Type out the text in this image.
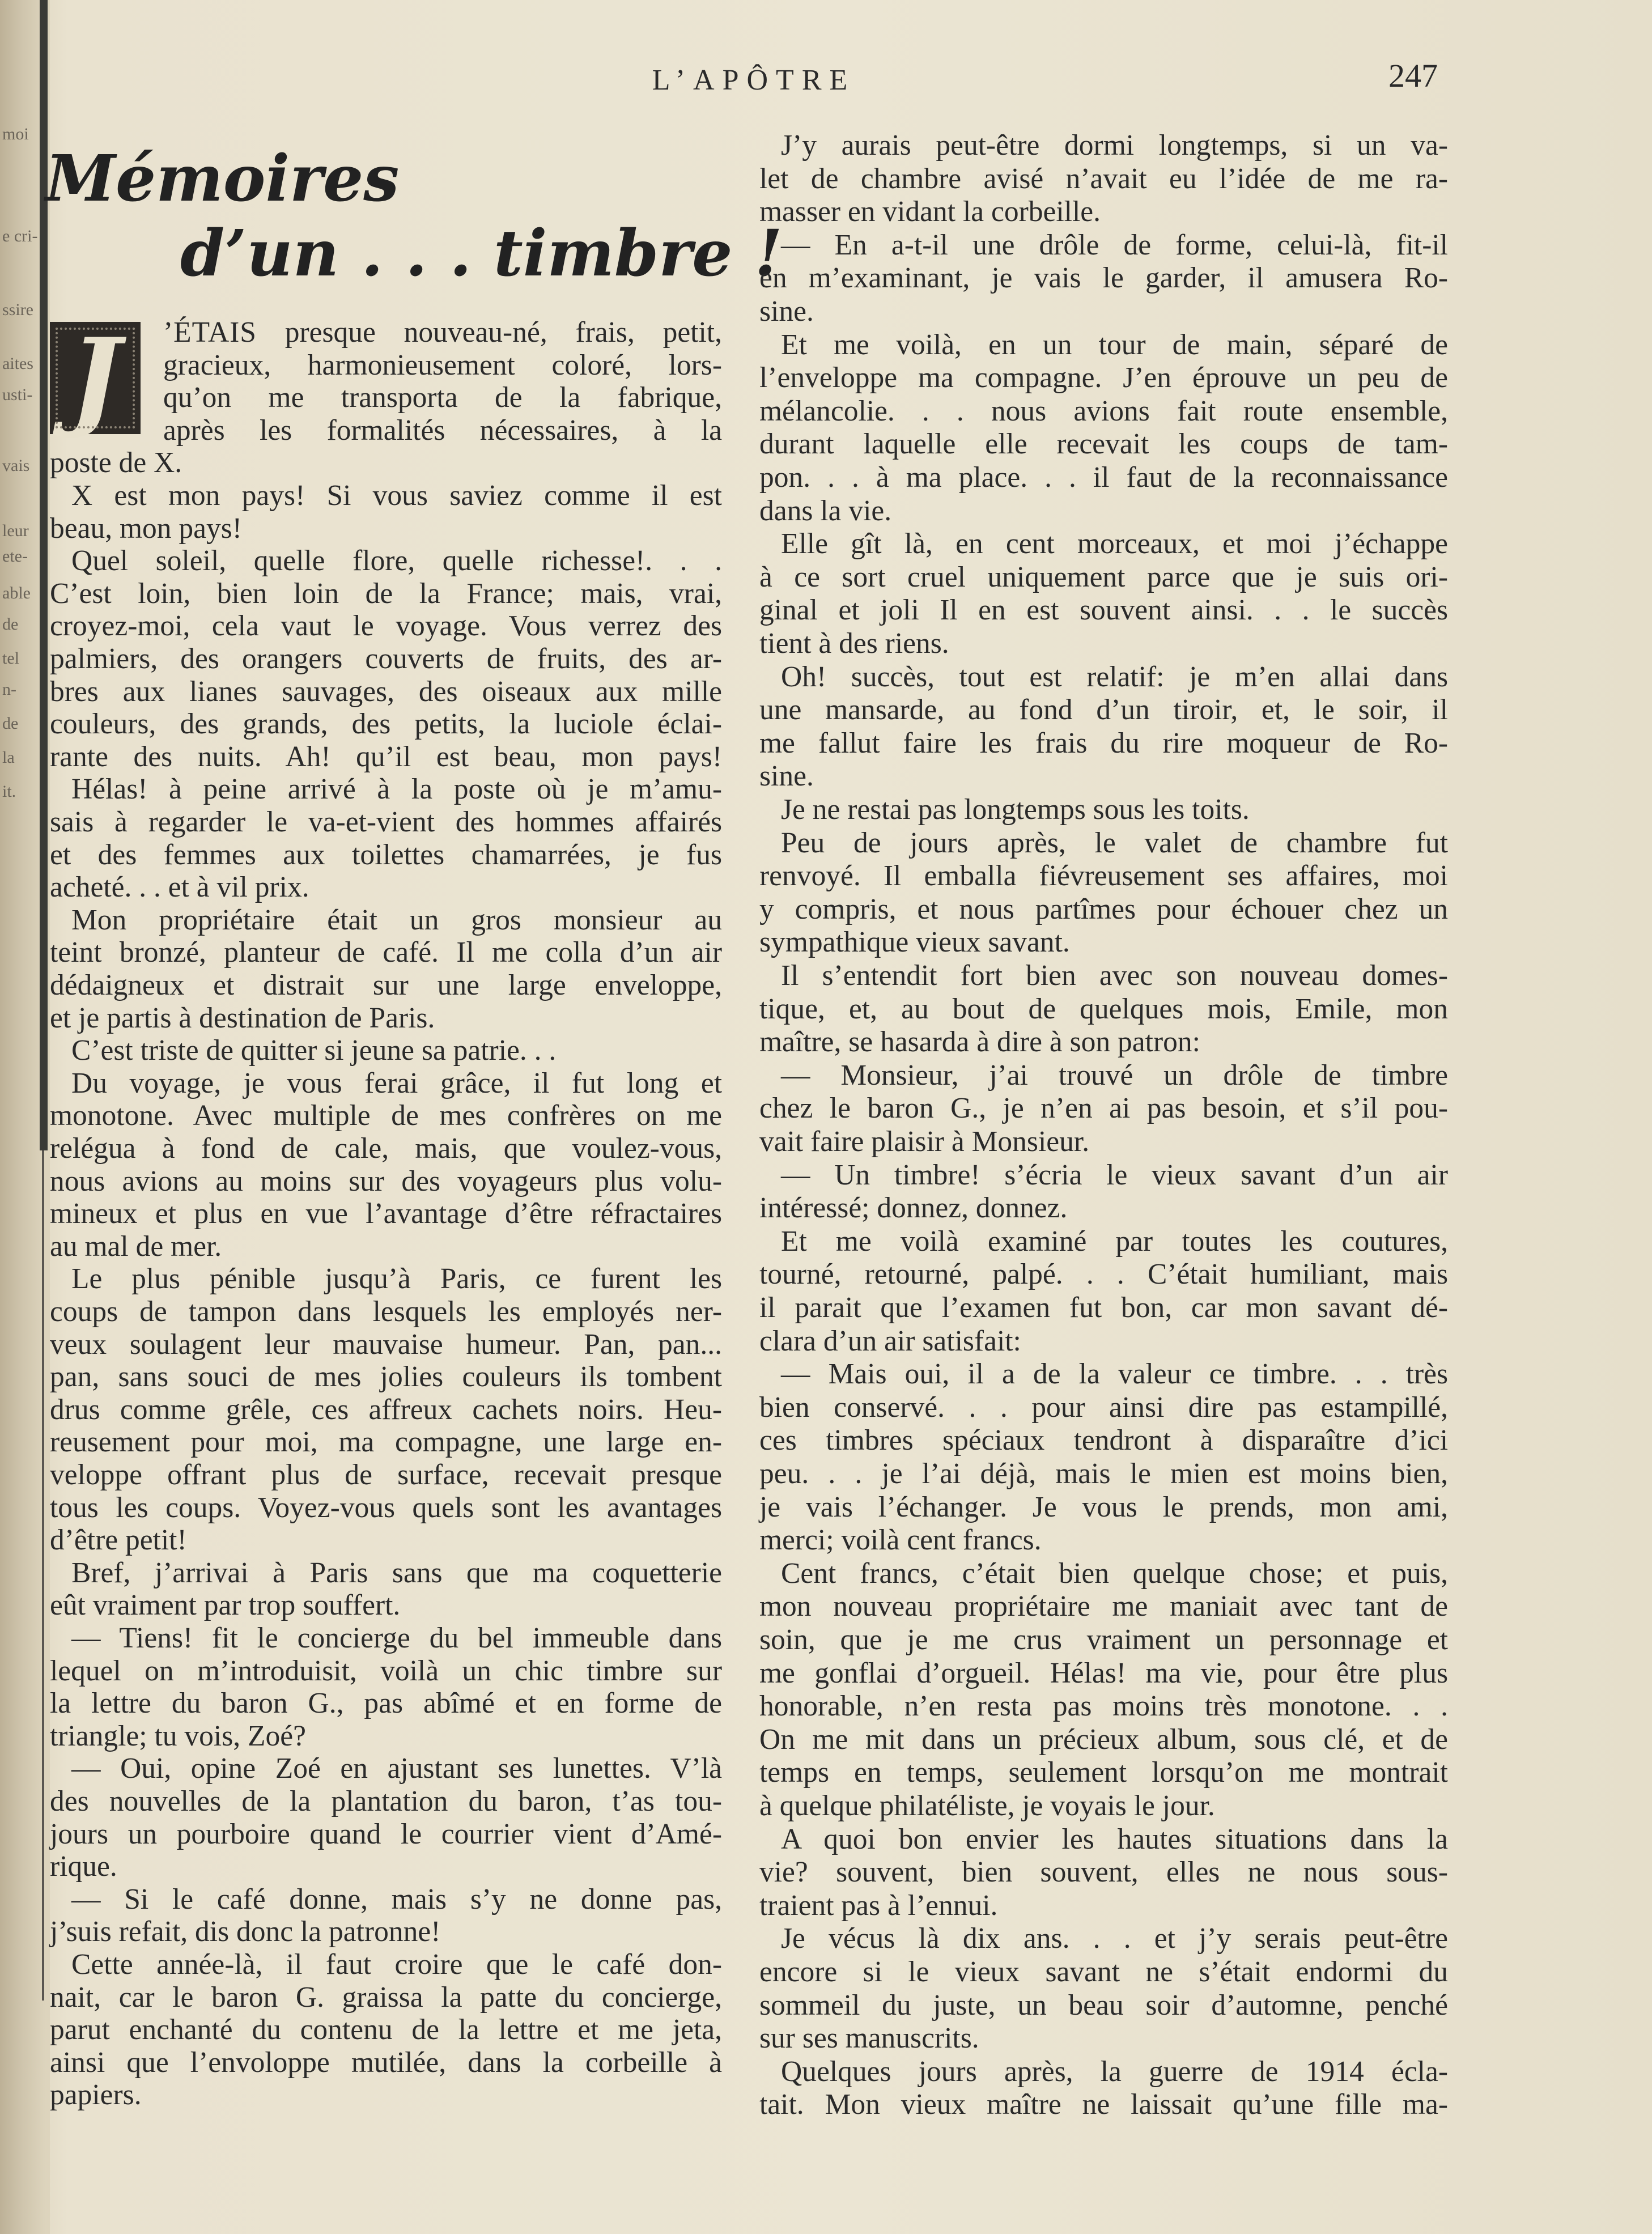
moi
e cri-
ssire
aites
usti-
vais
leur
ete-
able
de
tel
n-
de
la
it.
L’APÔTRE	247
Mémoires
d’un . . . timbre !
J	’ÉTAIS presque nouveau-né, frais, petit,
gracieux, harmonieusement coloré, lors-
qu’on me transporta de la fabrique,
après les formalités nécessaires, à la
poste de X.
X est mon pays! Si vous saviez comme il est
beau, mon pays!
Quel soleil, quelle flore, quelle richesse!. . .
C’est loin, bien loin de la France; mais, vrai,
croyez-moi, cela vaut le voyage. Vous verrez des
palmiers, des orangers couverts de fruits, des ar-
bres aux lianes sauvages, des oiseaux aux mille
couleurs, des grands, des petits, la luciole éclai-
rante des nuits. Ah! qu’il est beau, mon pays!
Hélas! à peine arrivé à la poste où je m’amu-
sais à regarder le va-et-vient des hommes affairés
et des femmes aux toilettes chamarrées, je fus
acheté. . . et à vil prix.
Mon propriétaire était un gros monsieur au
teint bronzé, planteur de café. Il me colla d’un air
dédaigneux et distrait sur une large enveloppe,
et je partis à destination de Paris.
C’est triste de quitter si jeune sa patrie. . .
Du voyage, je vous ferai grâce, il fut long et
monotone. Avec multiple de mes confrères on me
relégua à fond de cale, mais, que voulez-vous,
nous avions au moins sur des voyageurs plus volu-
mineux et plus en vue l’avantage d’être réfractaires
au mal de mer.
Le plus pénible jusqu’à Paris, ce furent les
coups de tampon dans lesquels les employés ner-
veux soulagent leur mauvaise humeur. Pan, pan...
pan, sans souci de mes jolies couleurs ils tombent
drus comme grêle, ces affreux cachets noirs. Heu-
reusement pour moi, ma compagne, une large en-
veloppe offrant plus de surface, recevait presque
tous les coups. Voyez-vous quels sont les avantages
d’être petit!
Bref, j’arrivai à Paris sans que ma coquetterie
eût vraiment par trop souffert.
— Tiens! fit le concierge du bel immeuble dans
lequel on m’introduisit, voilà un chic timbre sur
la lettre du baron G., pas abîmé et en forme de
triangle; tu vois, Zoé?
— Oui, opine Zoé en ajustant ses lunettes. V’là
des nouvelles de la plantation du baron, t’as tou-
jours un pourboire quand le courrier vient d’Amé-
rique.
— Si le café donne, mais s’y ne donne pas,
j’suis refait, dis donc la patronne!
Cette année-là, il faut croire que le café don-
nait, car le baron G. graissa la patte du concierge,
parut enchanté du contenu de la lettre et me jeta,
ainsi que l’envoloppe mutilée, dans la corbeille à
papiers.
J’y aurais peut-être dormi longtemps, si un va-
let de chambre avisé n’avait eu l’idée de me ra-
masser en vidant la corbeille.
— En a-t-il une drôle de forme, celui-là, fit-il
en m’examinant, je vais le garder, il amusera Ro-
sine.
Et me voilà, en un tour de main, séparé de
l’enveloppe ma compagne. J’en éprouve un peu de
mélancolie. . . nous avions fait route ensemble,
durant laquelle elle recevait les coups de tam-
pon. . . à ma place. . . il faut de la reconnaissance
dans la vie.
Elle gît là, en cent morceaux, et moi j’échappe
à ce sort cruel uniquement parce que je suis ori-
ginal et joli Il en est souvent ainsi. . . le succès
tient à des riens.
Oh! succès, tout est relatif: je m’en allai dans
une mansarde, au fond d’un tiroir, et, le soir, il
me fallut faire les frais du rire moqueur de Ro-
sine.
Je ne restai pas longtemps sous les toits.
Peu de jours après, le valet de chambre fut
renvoyé. Il emballa fiévreusement ses affaires, moi
y compris, et nous partîmes pour échouer chez un
sympathique vieux savant.
Il s’entendit fort bien avec son nouveau domes-
tique, et, au bout de quelques mois, Emile, mon
maître, se hasarda à dire à son patron:
— Monsieur, j’ai trouvé un drôle de timbre
chez le baron G., je n’en ai pas besoin, et s’il pou-
vait faire plaisir à Monsieur.
— Un timbre! s’écria le vieux savant d’un air
intéressé; donnez, donnez.
Et me voilà examiné par toutes les coutures,
tourné, retourné, palpé. . . C’était humiliant, mais
il parait que l’examen fut bon, car mon savant dé-
clara d’un air satisfait:
— Mais oui, il a de la valeur ce timbre. . . très
bien conservé. . . pour ainsi dire pas estampillé,
ces timbres spéciaux tendront à disparaître d’ici
peu. . . je l’ai déjà, mais le mien est moins bien,
je vais l’échanger. Je vous le prends, mon ami,
merci; voilà cent francs.
Cent francs, c’était bien quelque chose; et puis,
mon nouveau propriétaire me maniait avec tant de
soin, que je me crus vraiment un personnage et
me gonflai d’orgueil. Hélas! ma vie, pour être plus
honorable, n’en resta pas moins très monotone. . .
On me mit dans un précieux album, sous clé, et de
temps en temps, seulement lorsqu’on me montrait
à quelque philatéliste, je voyais le jour.
A quoi bon envier les hautes situations dans la
vie? souvent, bien souvent, elles ne nous sous-
traient pas à l’ennui.
Je vécus là dix ans. . . et j’y serais peut-être
encore si le vieux savant ne s’était endormi du
sommeil du juste, un beau soir d’automne, penché
sur ses manuscrits.
Quelques jours après, la guerre de 1914 écla-
tait. Mon vieux maître ne laissait qu’une fille ma-
